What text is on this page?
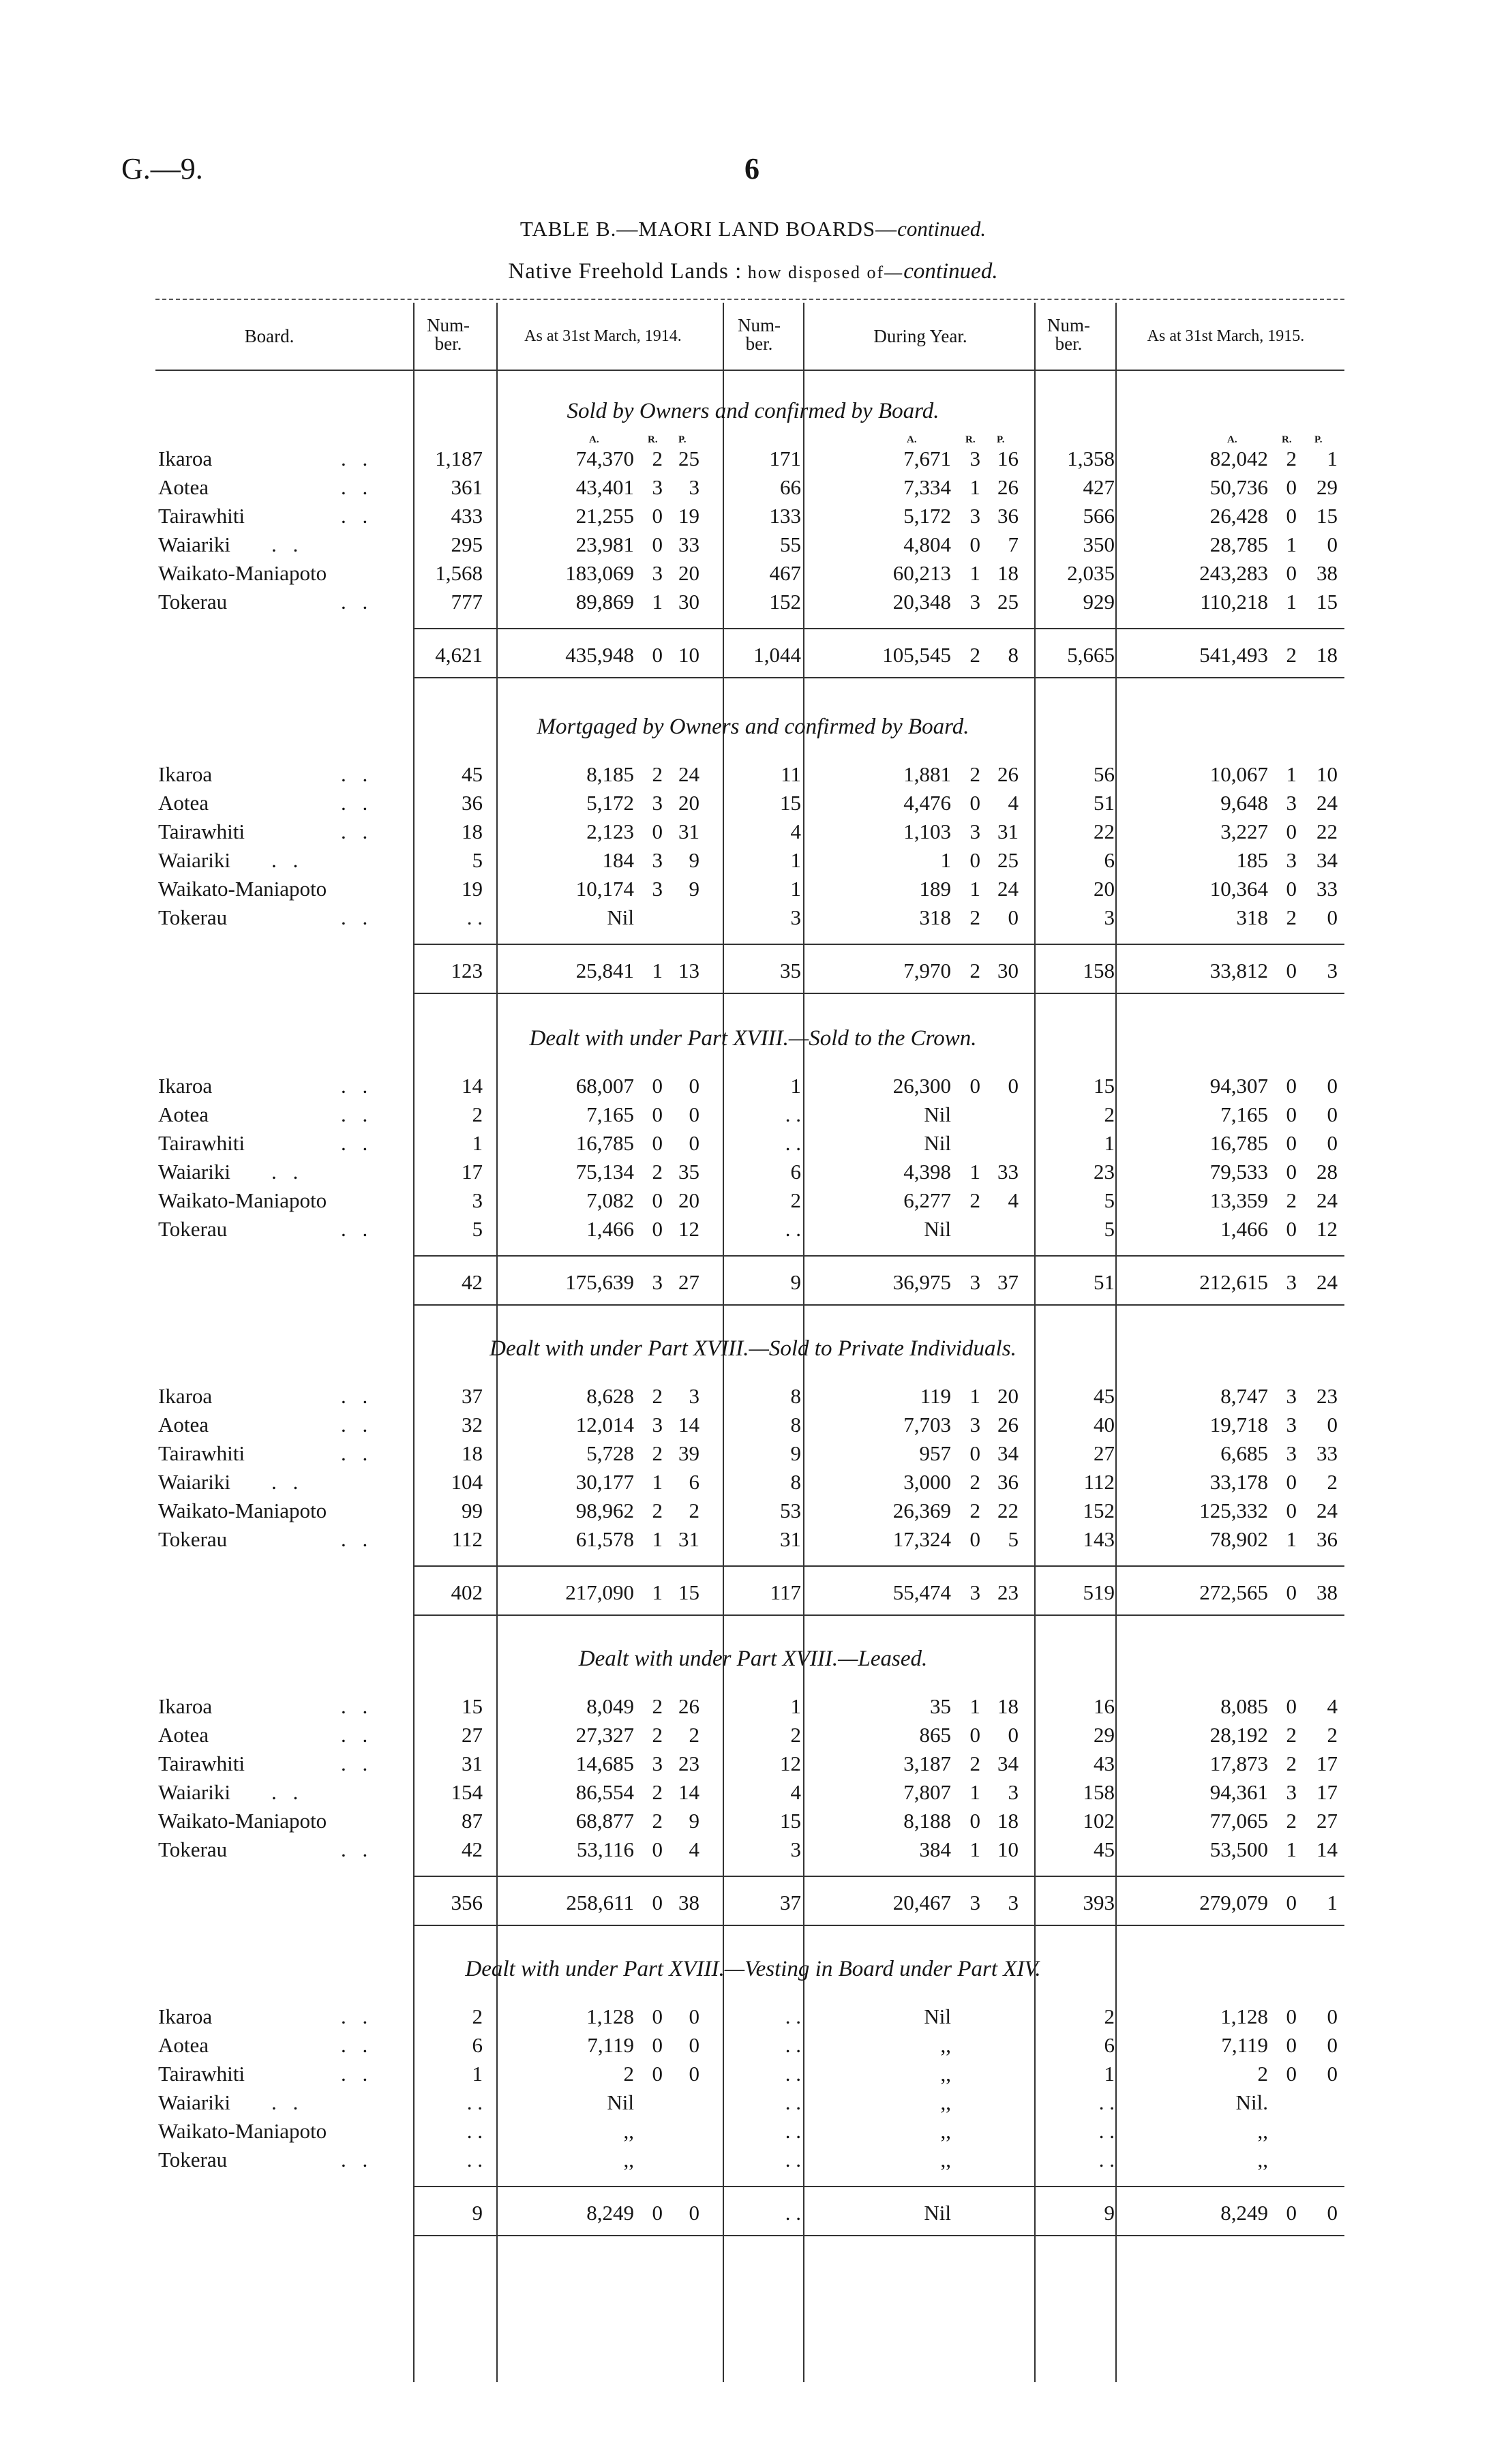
G.—9.	6
TABLE B.—MAORI LAND BOARDS—continued.
Native Freehold Lands : how disposed of—continued.
Board.
Num-
ber.	As at 31st March, 1914.
Num-
ber.	During Year.
Num-
ber.	As at 31st March, 1915.
Sold by Owners and confirmed by Board.
A.	R. P.	A.	R. P.	A.	R. P.
Ikaroa	. .	1,187	74,370 2 25	171	7,671 3 16	1,358	82,042 2	1
Aotea	. .	361	43,401 3	3	66	7,334 1 26	427	50,736 0 29
Tairawhiti	. .	433	21,255 0 19	133	5,172 3 36	566	26,428 0 15
Waiariki . .	295	23,981 0 33	55	4,804 0	7	350	28,785 1	0
Waikato-Maniapoto	1,568	183,069 3 20	467	60,213 1 18	2,035	243,283 0 38
Tokerau	. .	777	89,869 1 30	152	20,348 3 25	929	110,218 1 15
4,621	435,948 0 10	1,044	105,545 2	8	5,665	541,493 2 18
Mortgaged by Owners and confirmed by Board.
Ikaroa	. .	45	8,185 2 24	11	1,881 2 26	56	10,067 1 10
Aotea	. .	36	5,172 3 20	15	4,476 0	4	51	9,648 3 24
Tairawhiti	. .	18	2,123 0 31	4	1,103 3 31	22	3,227 0 22
Waiariki . .	5	184 3	9	1	1 0 25	6	185 3 34
Waikato-Maniapoto	19	10,174 3	9	1	189 1 24	20	10,364 0 33
Tokerau	. .	. .	Nil	3	318 2	0	3	318 2	0
123	25,841 1 13	35	7,970 2 30	158	33,812 0	3
Dealt with under Part XVIII.—Sold to the Crown.
Ikaroa	. .	14	68,007 0	0	1	26,300 0	0	15	94,307 0	0
Aotea	. .	2	7,165 0	0	. .	Nil	2	7,165 0	0
Tairawhiti	. .	1	16,785 0	0	. .	Nil	1	16,785 0	0
Waiariki . .	17	75,134 2 35	6	4,398 1 33	23	79,533 0 28
Waikato-Maniapoto	3	7,082 0 20	2	6,277 2	4	5	13,359 2 24
Tokerau	. .	5	1,466 0 12	. .	Nil	5	1,466 0 12
42	175,639 3 27	9	36,975 3 37	51	212,615 3 24
Dealt with under Part XVIII.—Sold to Private Individuals.
Ikaroa	. .	37	8,628 2	3	8	119 1 20	45	8,747 3 23
Aotea	. .	32	12,014 3 14	8	7,703 3 26	40	19,718 3	0
Tairawhiti	. .	18	5,728 2 39	9	957 0 34	27	6,685 3 33
Waiariki . .	104	30,177 1	6	8	3,000 2 36	112	33,178 0	2
Waikato-Maniapoto	99	98,962 2	2	53	26,369 2 22	152	125,332 0 24
Tokerau	. .	112	61,578 1 31	31	17,324 0	5	143	78,902 1 36
402	217,090 1 15	117	55,474 3 23	519	272,565 0 38
Dealt with under Part XVIII.—Leased.
Ikaroa	. .	15	8,049 2 26	1	35 1 18	16	8,085 0	4
Aotea	. .	27	27,327 2	2	2	865 0	0	29	28,192 2	2
Tairawhiti	. .	31	14,685 3 23	12	3,187 2 34	43	17,873 2 17
Waiariki . .	154	86,554 2 14	4	7,807 1	3	158	94,361 3 17
Waikato-Maniapoto	87	68,877 2	9	15	8,188 0 18	102	77,065 2 27
Tokerau	. .	42	53,116 0	4	3	384 1 10	45	53,500 1 14
356	258,611 0 38	37	20,467 3	3	393	279,079 0	1
Dealt with under Part XVIII.—Vesting in Board under Part XIV.
Ikaroa	. .	2	1,128 0	0	. .	Nil	2	1,128 0	0
Aotea	. .	6	7,119 0	0	. .	,,	6	7,119 0	0
Tairawhiti	. .	1	2 0	0	. .	,,	1	2 0	0
Waiariki . .	. .	Nil	. .	,,	. .	Nil.
Waikato-Maniapoto	. .	,,	. .	,,	. .	,,
Tokerau	. .	. .	,,	. .	,,	. .	,,
9	8,249 0	0	. .	Nil	9	8,249 0	0
